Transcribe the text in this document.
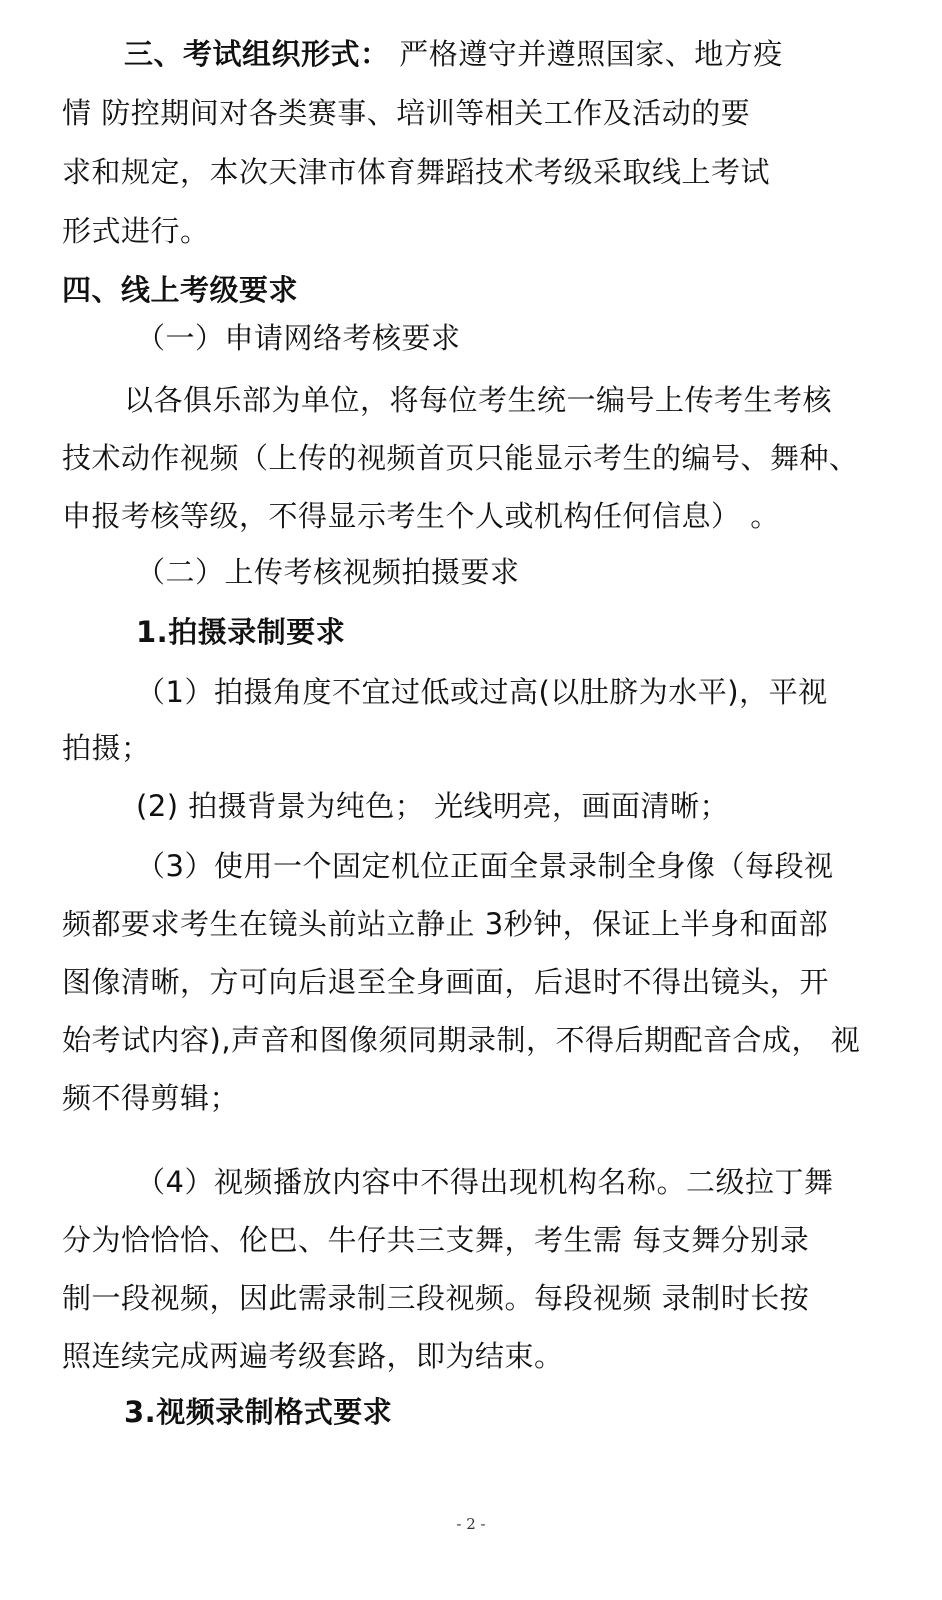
三、考试组织形式： 严格遵守并遵照国家、地方疫
情 防控期间对各类赛事、培训等相关工作及活动的要
求和规定，本次天津市体育舞蹈技术考级采取线上考试
形式进行。
四、线上考级要求
（一）申请网络考核要求
以各俱乐部为单位，将每位考生统一编号上传考生考核
技术动作视频（上传的视频首页只能显示考生的编号、舞种、
申报考核等级，不得显示考生个人或机构任何信息） 。
（二）上传考核视频拍摄要求
1.拍摄录制要求
（1）拍摄角度不宜过低或过高(以肚脐为水平)，平视
拍摄；
(2) 拍摄背景为纯色； 光线明亮，画面清晰；
（3）使用一个固定机位正面全景录制全身像（每段视
频都要求考生在镜头前站立静止 3秒钟，保证上半身和面部
图像清晰，方可向后退至全身画面，后退时不得出镜头，开
始考试内容),声音和图像须同期录制，不得后期配音合成， 视
频不得剪辑；
（4）视频播放内容中不得出现机构名称。二级拉丁舞
分为恰恰恰、伦巴、牛仔共三支舞，考生需 每支舞分别录
制一段视频，因此需录制三段视频。每段视频 录制时长按
照连续完成两遍考级套路，即为结束。
3.视频录制格式要求
- 2 -
